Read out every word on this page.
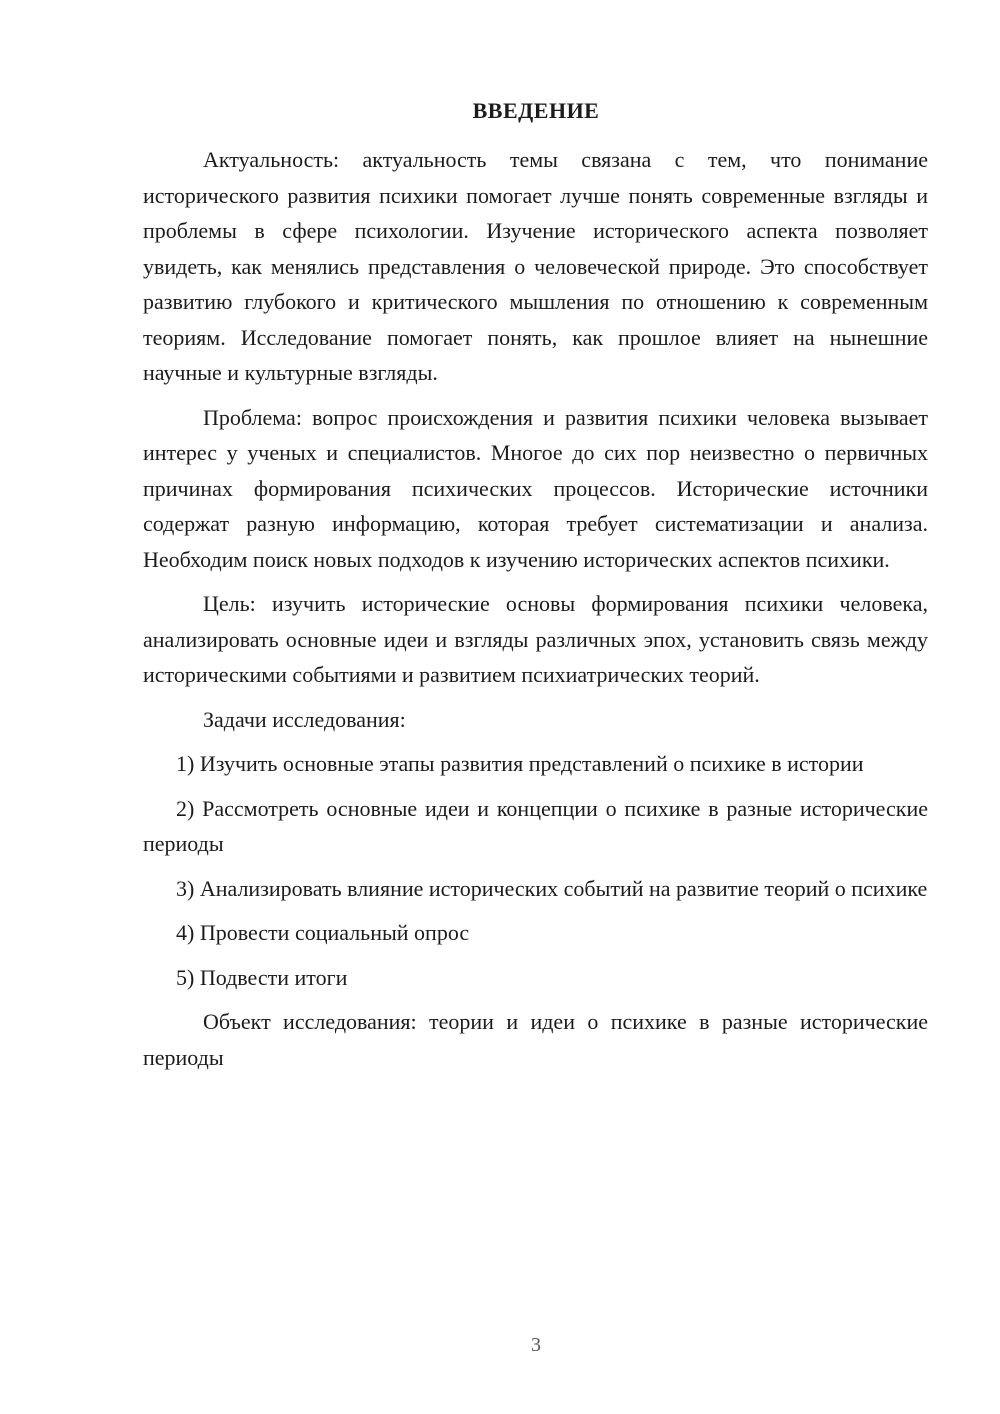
ВВЕДЕНИЕ

Актуальность: актуальность темы связана с тем, что понимание исторического развития психики помогает лучше понять современные взгляды и проблемы в сфере психологии. Изучение исторического аспекта позволяет увидеть, как менялись представления о человеческой природе. Это способствует развитию глубокого и критического мышления по отношению к современным теориям. Исследование помогает понять, как прошлое влияет на нынешние научные и культурные взгляды.

Проблема: вопрос происхождения и развития психики человека вызывает интерес у ученых и специалистов. Многое до сих пор неизвестно о первичных причинах формирования психических процессов. Исторические источники содержат разную информацию, которая требует систематизации и анализа. Необходим поиск новых подходов к изучению исторических аспектов психики.

Цель: изучить исторические основы формирования психики человека, анализировать основные идеи и взгляды различных эпох, установить связь между историческими событиями и развитием психиатрических теорий.

Задачи исследования:

1) Изучить основные этапы развития представлений о психике в истории

2) Рассмотреть основные идеи и концепции о психике в разные исторические периоды

3) Анализировать влияние исторических событий на развитие теорий о психике

4) Провести социальный опрос

5) Подвести итоги

Объект исследования: теории и идеи о психике в разные исторические периоды

3
